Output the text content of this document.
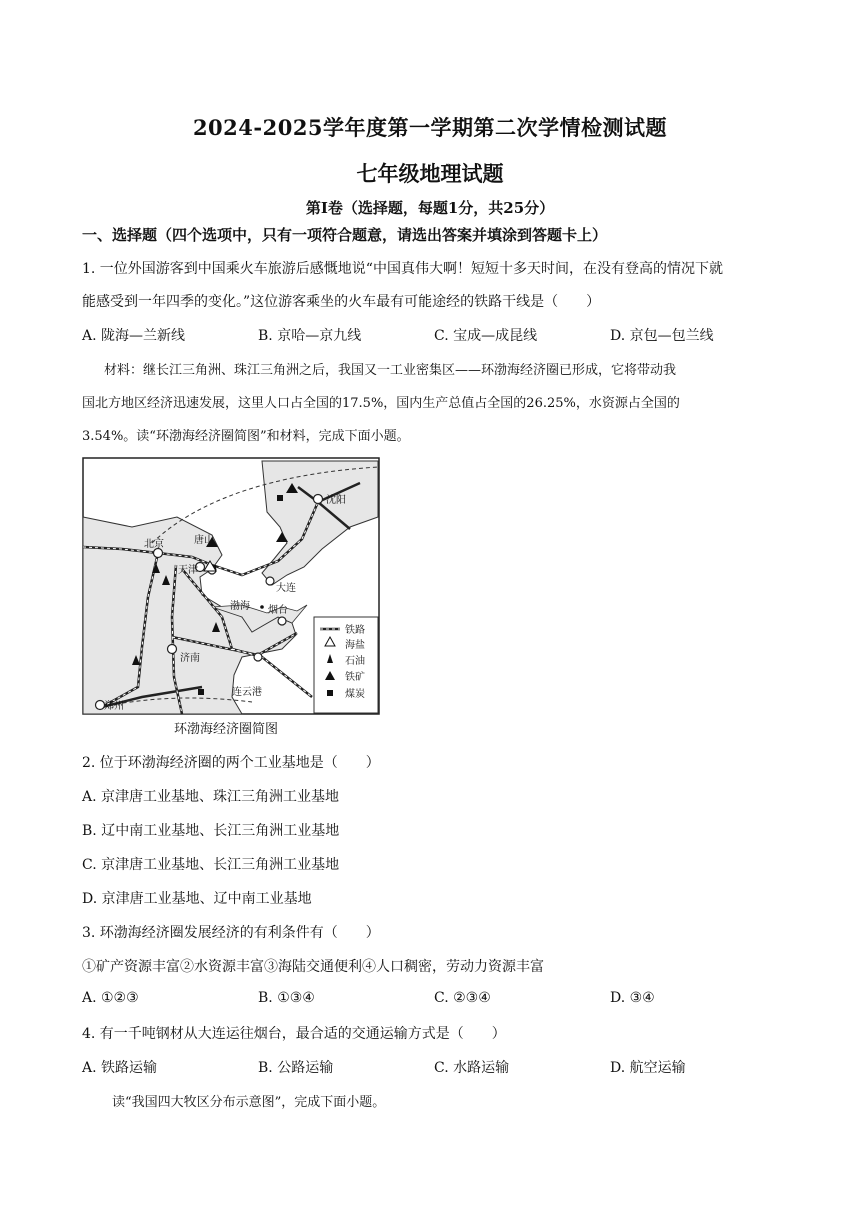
2024-2025学年度第一学期第二次学情检测试题
七年级地理试题
第Ⅰ卷（选择题，每题1分，共25分）
一、选择题（四个选项中，只有一项符合题意，请选出答案并填涂到答题卡上）
1. 一位外国游客到中国乘火车旅游后感慨地说“中国真伟大啊！短短十多天时间，在没有登高的情况下就
能感受到一年四季的变化。”这位游客乘坐的火车最有可能途经的铁路干线是（　　）
A. 陇海—兰新线	B. 京哈—京九线	C. 宝成—成昆线	D. 京包—包兰线
材料：继长江三角洲、珠江三角洲之后，我国又一工业密集区——环渤海经济圈已形成，它将带动我
国北方地区经济迅速发展，这里人口占全国的17.5%，国内生产总值占全国的26.25%，水资源占全国的
3.54%。读“环渤海经济圈简图”和材料，完成下面小题。
沈阳
北京	唐山
天津
大连
渤海 烟台
济南
连云港
郑州
铁路
海盐
石油
铁矿
煤炭
环渤海经济圈简图
2. 位于环渤海经济圈的两个工业基地是（　　）
A. 京津唐工业基地、珠江三角洲工业基地
B. 辽中南工业基地、长江三角洲工业基地
C. 京津唐工业基地、长江三角洲工业基地
D. 京津唐工业基地、辽中南工业基地
3. 环渤海经济圈发展经济的有利条件有（　　）
①矿产资源丰富②水资源丰富③海陆交通便利④人口稠密，劳动力资源丰富
A. ①②③	B. ①③④	C. ②③④	D. ③④
4. 有一千吨钢材从大连运往烟台，最合适的交通运输方式是（　　）
A. 铁路运输	B. 公路运输	C. 水路运输	D. 航空运输
读“我国四大牧区分布示意图”，完成下面小题。
